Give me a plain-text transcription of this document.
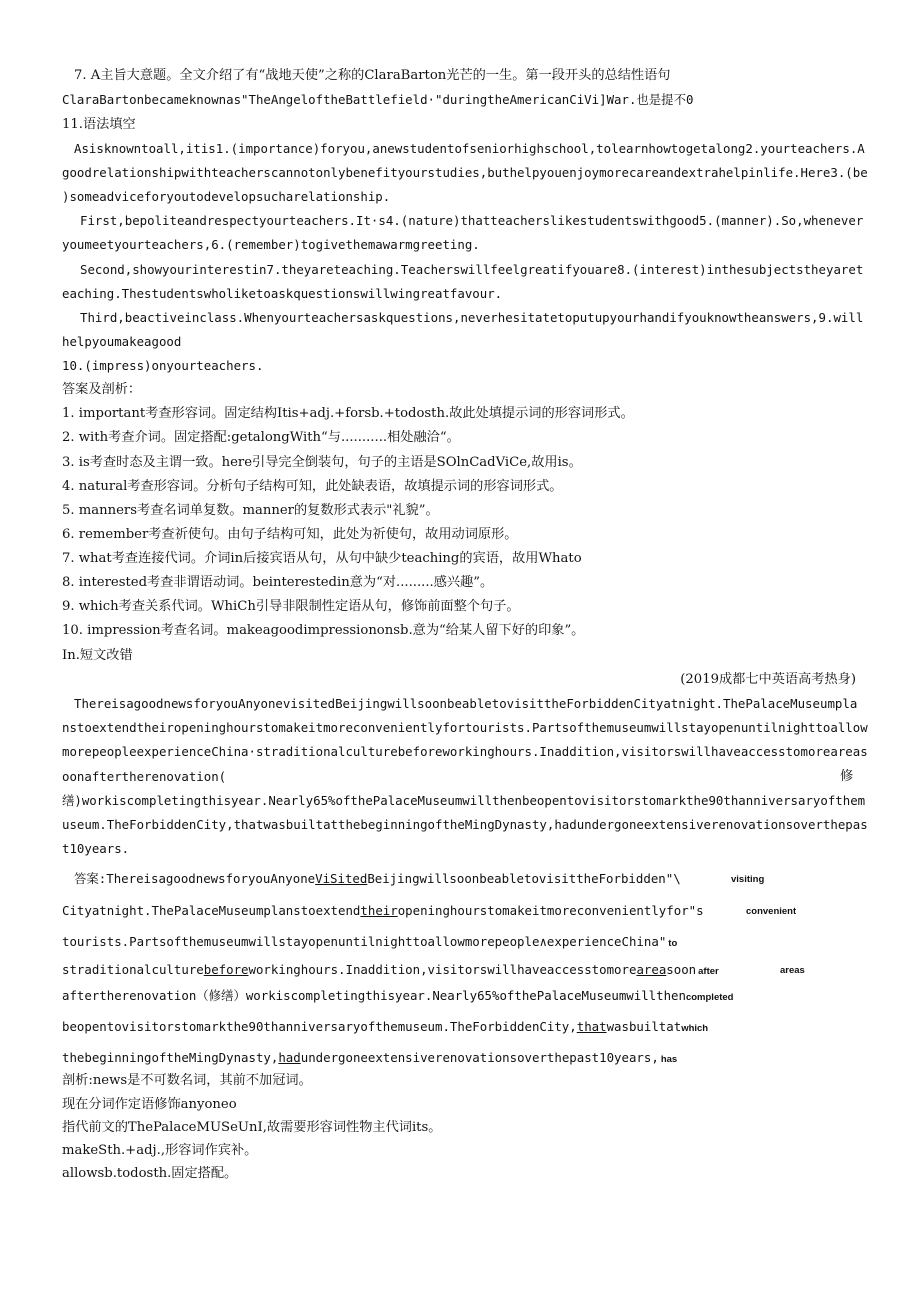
7. A主旨大意题。全文介绍了有“战地天使”之称的ClaraBarton光芒的一生。第一段开头的总结性语句
ClaraBartonbecameknownas"TheAngeloftheBattlefield·"duringtheAmericanCiVi]War.也是提不0
11.语法填空
Asisknowntoall,itis1.(importance)foryou,anewstudentofseniorhighschool,tolearnhowtogetalong2.yourteachers.A
goodrelationshipwithteacherscannotonlybenefityourstudies,buthelpyouenjoymorecareandextrahelpinlife.Here3.(be
)someadviceforyoutodevelopsucharelationship.
First,bepoliteandrespectyourteachers.It·s4.(nature)thatteacherslikestudentswithgood5.(manner).So,whenever
youmeetyourteachers,6.(remember)togivethemawarmgreeting.
Second,showyourinterestin7.theyareteaching.Teacherswillfeelgreatifyouare8.(interest)inthesubjectstheyaret
eaching.Thestudentswholiketoaskquestionswillwingreatfavour.
Third,beactiveinclass.Whenyourteachersaskquestions,neverhesitatetoputupyourhandifyouknowtheanswers,9.will
helpyoumakeagood
10.(impress)onyourteachers.
答案及剖析：
1. important考查形容词。固定结构Itis+adj.+forsb.+todosth.故此处填提示词的形容词形式。
2. with考查介词。固定搭配:getalongWith“与...........相处融洽“。
3. is考查时态及主谓一致。here引导完全倒装句，句子的主语是SOlnCadViCe,故用is。
4. natural考查形容词。分析句子结构可知，此处缺表语，故填提示词的形容词形式。
5. manners考查名词单复数。manner的复数形式表示"礼貌”。
6. remember考查祈使句。由句子结构可知，此处为祈使句，故用动词原形。
7. what考查连接代词。介词in后接宾语从句，从句中缺少teaching的宾语，故用Whato
8. interested考查非谓语动词。beinterestedin意为“对.........感兴趣”。
9. which考查关系代词。WhiCh引导非限制性定语从句，修饰前面整个句子。
10. impression考查名词。makeagoodimpressiononsb.意为“给某人留下好的印象”。
In.短文改错
(2019成都七中英语高考热身)
ThereisagoodnewsforyouAnyonevisitedBeijingwillsoonbeabletovisittheForbiddenCityatnight.ThePalaceMuseumpla
nstoextendtheiropeninghourstomakeitmoreconvenientlyfortourists.Partsofthemuseumwillstayopenuntilnighttoallow
morepeopleexperienceChina·straditionalculturebeforeworkinghours.Inaddition,visitorswillhaveaccesstomoreareas
oonaftertherenovation(	修
缮)workiscompletingthisyear.Nearly65%ofthePalaceMuseumwillthenbeopentovisitorstomarkthe90thanniversaryofthem
useum.TheForbiddenCity,thatwasbuiltatthebeginningoftheMingDynasty,hadundergoneextensiverenovationsoverthepas
t10years.
答案:ThereisagoodnewsforyouAnyoneViSitedBeijingwillsoonbeabletovisittheForbidden"\	visiting
Cityatnight.ThePalaceMuseumplanstoextendtheiropeninghourstomakeitmoreconvenientlyfor"s	convenient
tourists.Partsofthemuseumwillstayopenuntilnighttoallowmorepeople∧experienceChina" to
straditionalculturebeforeworkinghours.Inaddition,visitorswillhaveaccesstomoreareasoon after	areas
aftertherenovation（修缮）workiscompletingthisyear.Nearly65%ofthePalaceMuseumwillthencompleted
beopentovisitorstomarkthe90thanniversaryofthemuseum.TheForbiddenCity,thatwasbuiltatwhich
thebeginningoftheMingDynasty,hadundergoneextensiverenovationsoverthepast10years, has
剖析:news是不可数名词，其前不加冠词。
现在分词作定语修饰anyoneo
指代前文的ThePalaceMUSeUnI,故需要形容词性物主代词its。
makeSth.+adj.,形容词作宾补。
allowsb.todosth.固定搭配。
